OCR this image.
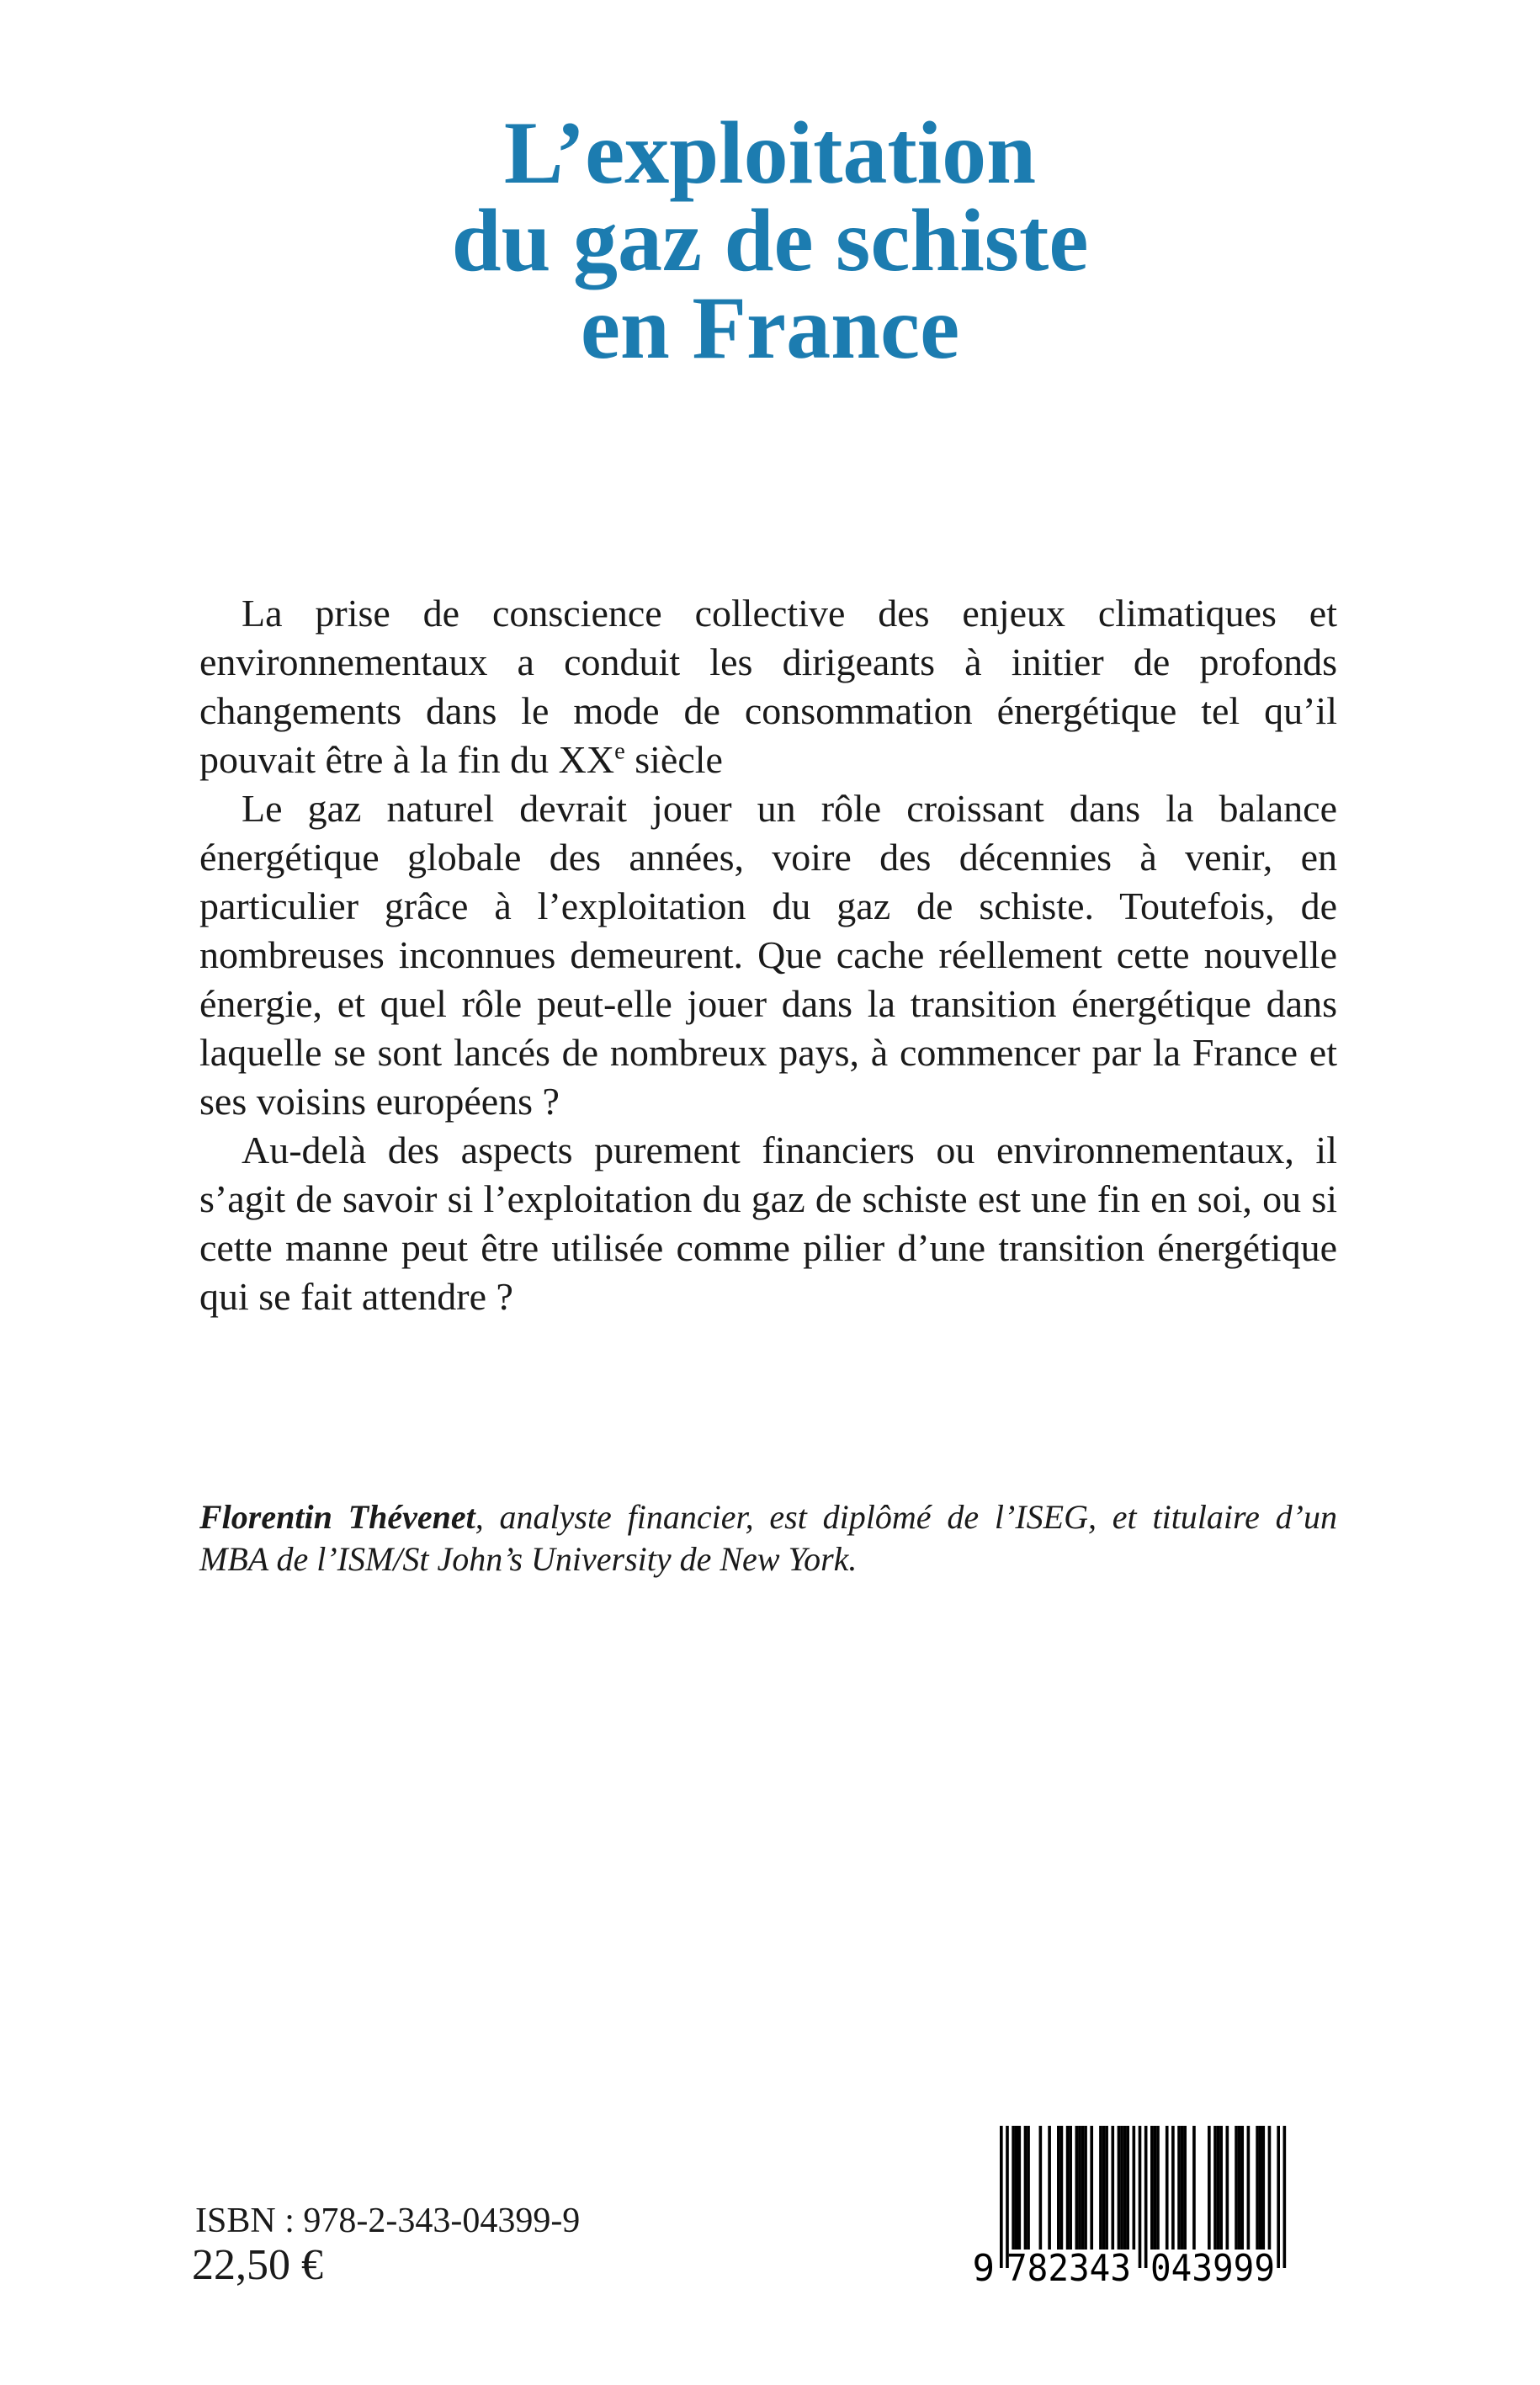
L’exploitation
du gaz de schiste
en France

La prise de conscience collective des enjeux climatiques et environnementaux a conduit les dirigeants à initier de profonds changements dans le mode de consommation énergétique tel qu’il pouvait être à la fin du XXe siècle

Le gaz naturel devrait jouer un rôle croissant dans la balance énergétique globale des années, voire des décennies à venir, en particulier grâce à l’exploitation du gaz de schiste. Toutefois, de nombreuses inconnues demeurent. Que cache réellement cette nouvelle énergie, et quel rôle peut-elle jouer dans la transition énergétique dans laquelle se sont lancés de nombreux pays, à commencer par la France et ses voisins européens ?

Au-delà des aspects purement financiers ou environnementaux, il s’agit de savoir si l’exploitation du gaz de schiste est une fin en soi, ou si cette manne peut être utilisée comme pilier d’une transition énergétique qui se fait attendre ?

Florentin Thévenet, analyste financier, est diplômé de l’ISEG, et titulaire d’un MBA de l’ISM/St John’s University de New York.

ISBN : 978-2-343-04399-9
22,50 €	9 782343 043999
